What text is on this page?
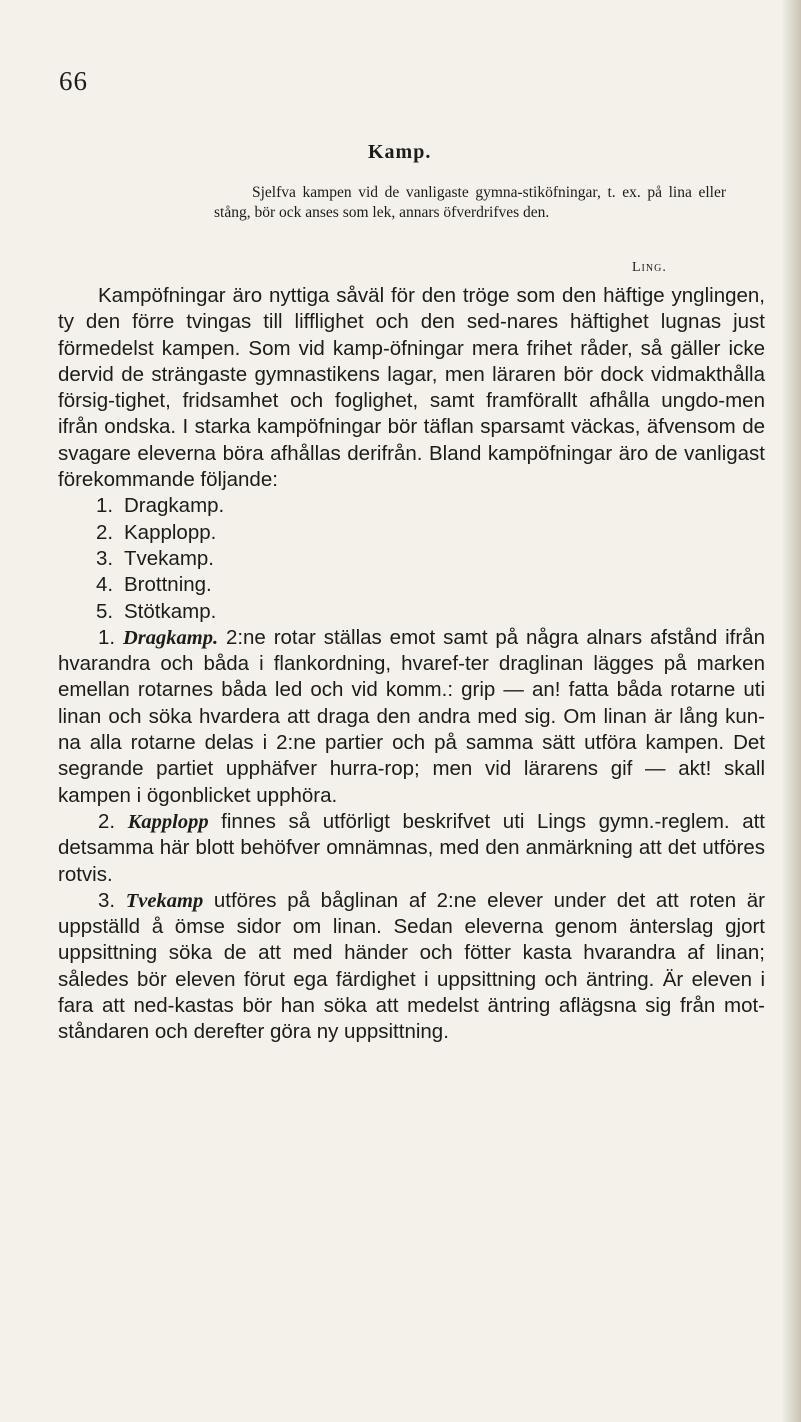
66
Kamp.
Sjelfva kampen vid de vanligaste gymna-stiköfningar, t. ex. på lina eller stång, bör ock anses som lek, annars öfverdrifves den.
Ling.

Kampöfningar äro nyttiga såväl för den tröge som den häftige ynglingen, ty den förre tvingas till lifflighet och den sed-nares häftighet lugnas just förmedelst kampen. Som vid kamp-öfningar mera frihet råder, så gäller icke dervid de strängaste gymnastikens lagar, men läraren bör dock vidmakthålla försig-tighet, fridsamhet och foglighet, samt framförallt afhålla ungdo-men ifrån ondska. I starka kampöfningar bör täflan sparsamt väckas, äfvensom de svagare eleverna böra afhållas derifrån. Bland kampöfningar äro de vanligast förekommande följande:

1. Dragkamp.
2. Kapplopp.
3. Tvekamp.
4. Brottning.
5. Stötkamp.

1. Dragkamp. 2:ne rotar ställas emot samt på några alnars afstånd ifrån hvarandra och båda i flankordning, hvaref-ter draglinan lägges på marken emellan rotarnes båda led och vid komm.: grip — an! fatta båda rotarne uti linan och söka hvardera att draga den andra med sig. Om linan är lång kun-na alla rotarne delas i 2:ne partier och på samma sätt utföra kampen. Det segrande partiet upphäfver hurra-rop; men vid lärarens gif — akt! skall kampen i ögonblicket upphöra.

2. Kapplopp finnes så utförligt beskrifvet uti Lings gymn.-reglem. att detsamma här blott behöfver omnämnas, med den anmärkning att det utföres rotvis.

3. Tvekamp utföres på båglinan af 2:ne elever under det att roten är uppställd å ömse sidor om linan. Sedan eleverna genom änterslag gjort uppsittning söka de att med händer och fötter kasta hvarandra af linan; således bör eleven förut ega färdighet i uppsittning och äntring. Är eleven i fara att ned-kastas bör han söka att medelst äntring aflägsna sig från mot-ståndaren och derefter göra ny uppsittning.
